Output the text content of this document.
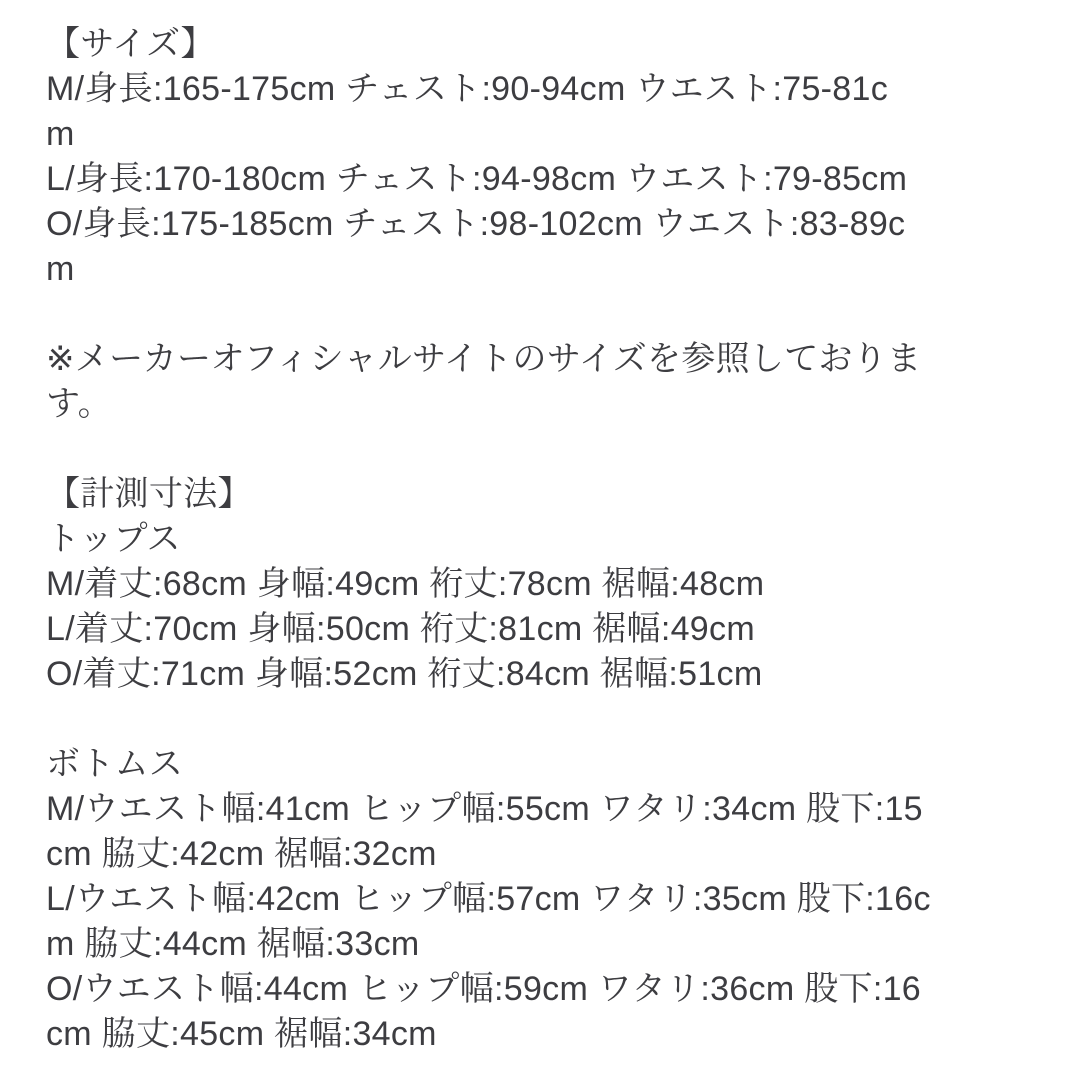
【サイズ】
M/身長:165-175cm チェスト:90-94cm ウエスト:75-81c
m
L/身長:170-180cm チェスト:94-98cm ウエスト:79-85cm
O/身長:175-185cm チェスト:98-102cm ウエスト:83-89c
m
※メーカーオフィシャルサイトのサイズを参照しておりま
す。
【計測寸法】
トップス
M/着丈:68cm 身幅:49cm 裄丈:78cm 裾幅:48cm
L/着丈:70cm 身幅:50cm 裄丈:81cm 裾幅:49cm
O/着丈:71cm 身幅:52cm 裄丈:84cm 裾幅:51cm
ボトムス
M/ウエスト幅:41cm ヒップ幅:55cm ワタリ:34cm 股下:15
cm 脇丈:42cm 裾幅:32cm
L/ウエスト幅:42cm ヒップ幅:57cm ワタリ:35cm 股下:16c
m 脇丈:44cm 裾幅:33cm
O/ウエスト幅:44cm ヒップ幅:59cm ワタリ:36cm 股下:16
cm 脇丈:45cm 裾幅:34cm
